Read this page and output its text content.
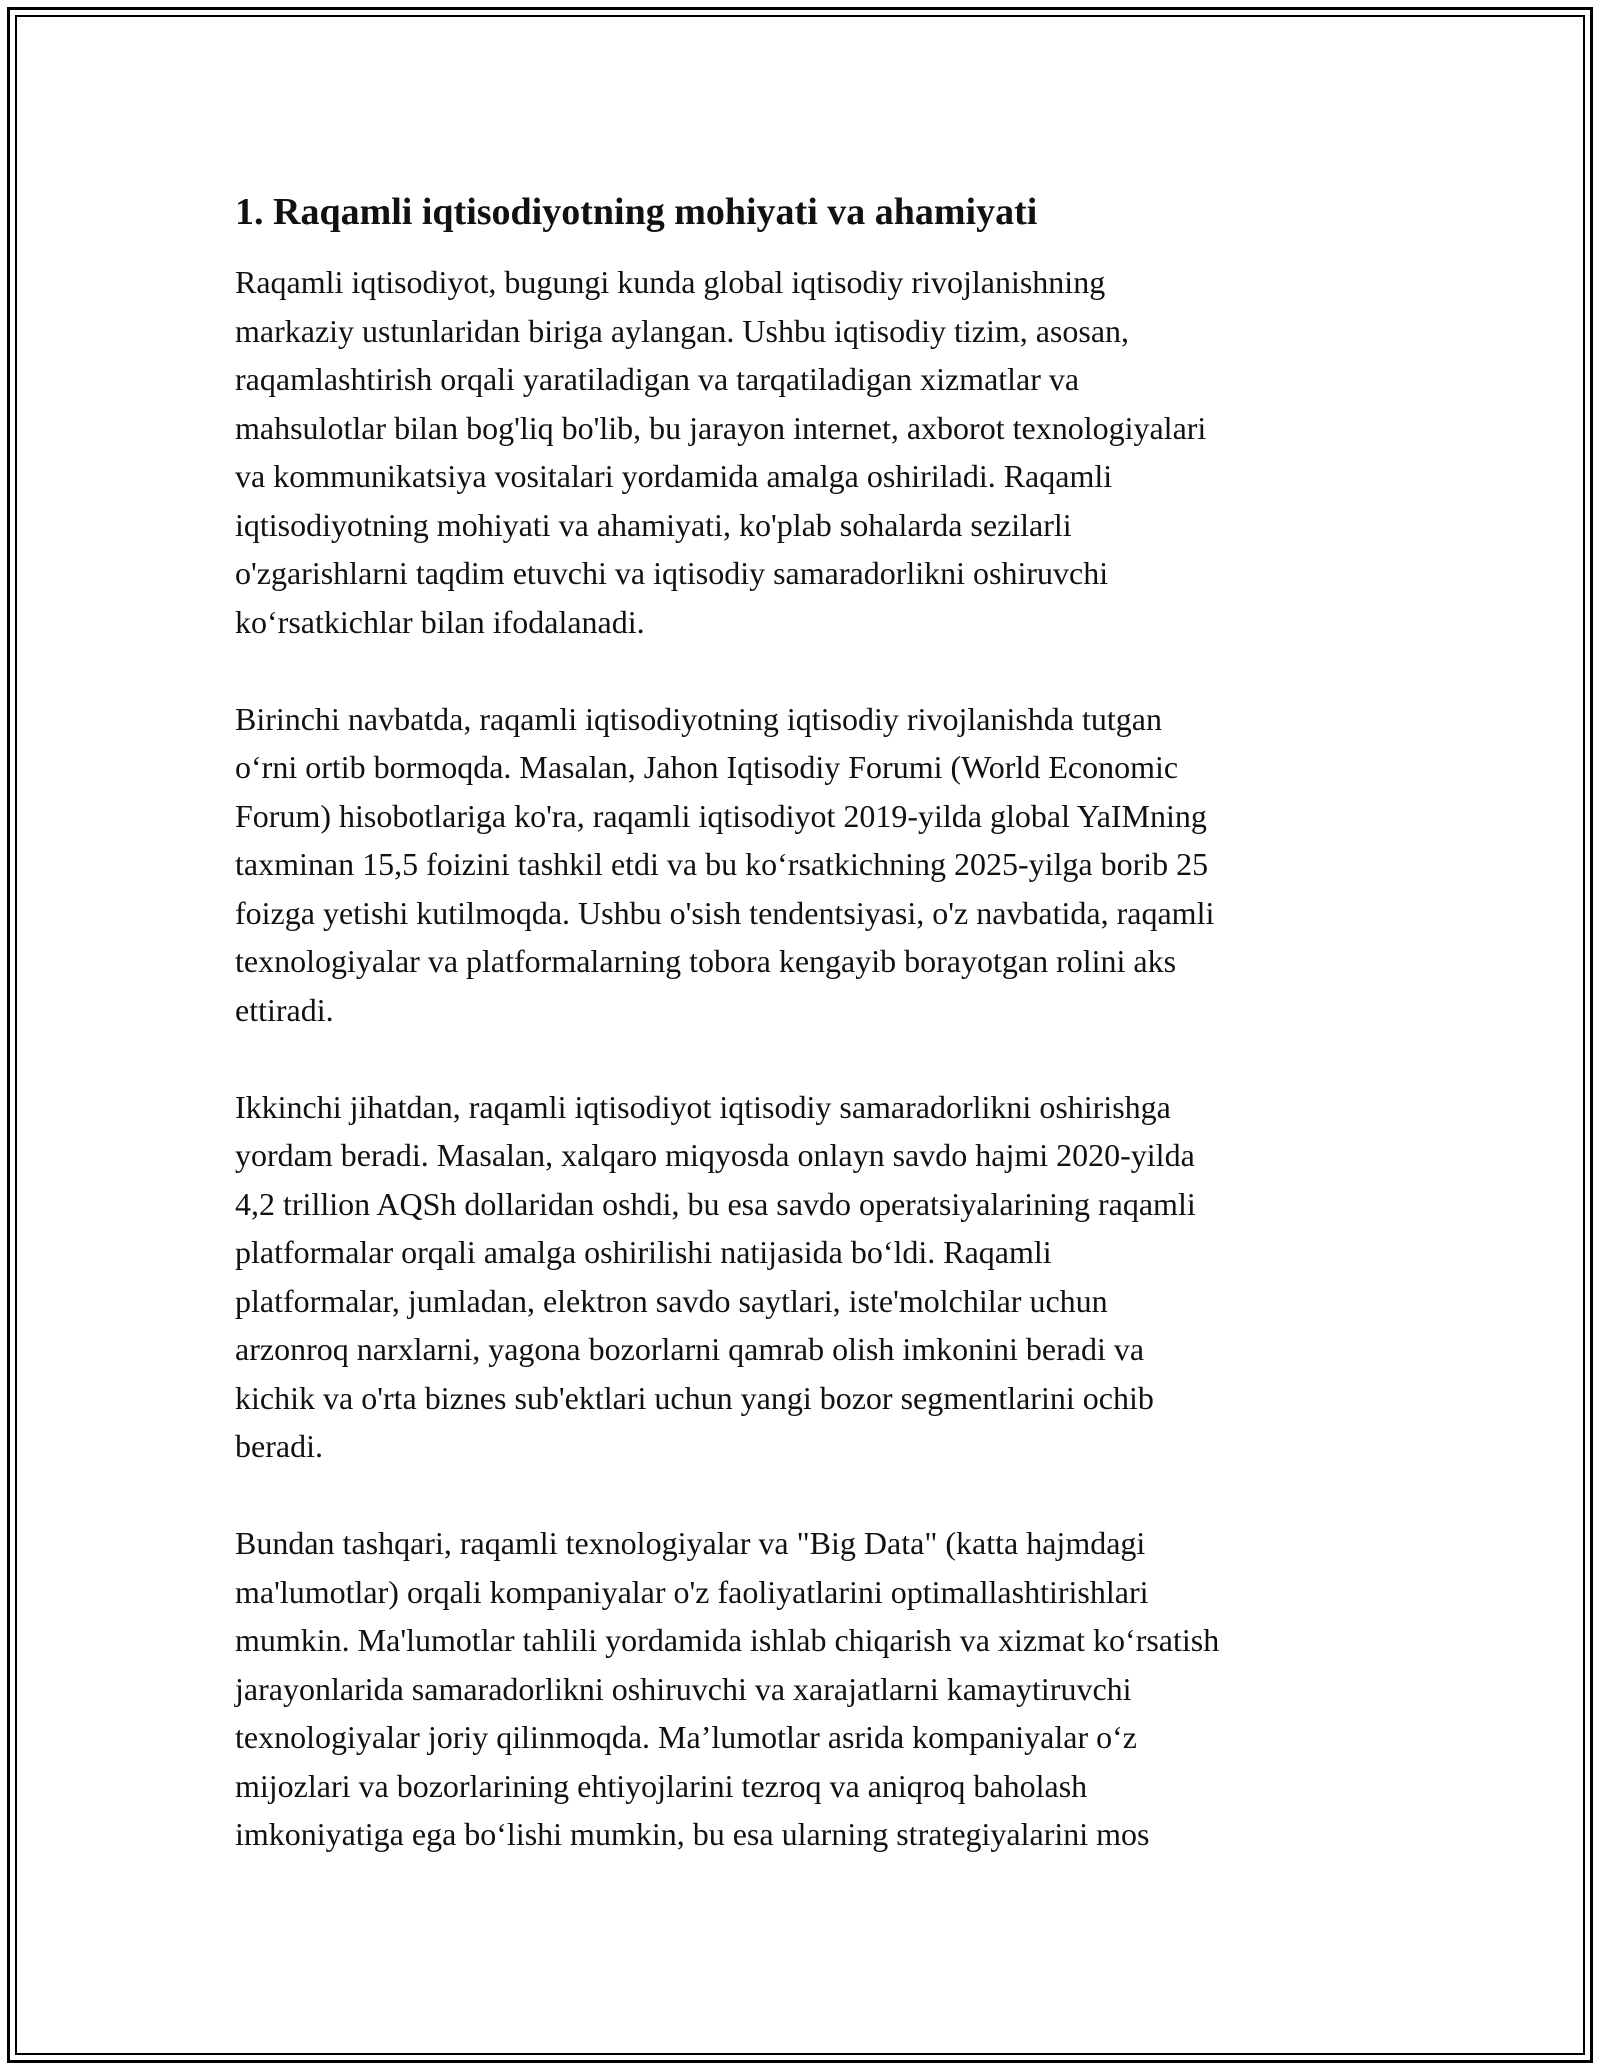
1. Raqamli iqtisodiyotning mohiyati va ahamiyati

Raqamli iqtisodiyot, bugungi kunda global iqtisodiy rivojlanishning
markaziy ustunlaridan biriga aylangan. Ushbu iqtisodiy tizim, asosan,
raqamlashtirish orqali yaratiladigan va tarqatiladigan xizmatlar va
mahsulotlar bilan bog'liq bo'lib, bu jarayon internet, axborot texnologiyalari
va kommunikatsiya vositalari yordamida amalga oshiriladi. Raqamli
iqtisodiyotning mohiyati va ahamiyati, ko'plab sohalarda sezilarli
o'zgarishlarni taqdim etuvchi va iqtisodiy samaradorlikni oshiruvchi
ko‘rsatkichlar bilan ifodalanadi.

Birinchi navbatda, raqamli iqtisodiyotning iqtisodiy rivojlanishda tutgan
o‘rni ortib bormoqda. Masalan, Jahon Iqtisodiy Forumi (World Economic
Forum) hisobotlariga ko'ra, raqamli iqtisodiyot 2019-yilda global YaIMning
taxminan 15,5 foizini tashkil etdi va bu ko‘rsatkichning 2025-yilga borib 25
foizga yetishi kutilmoqda. Ushbu o'sish tendentsiyasi, o'z navbatida, raqamli
texnologiyalar va platformalarning tobora kengayib borayotgan rolini aks
ettiradi.

Ikkinchi jihatdan, raqamli iqtisodiyot iqtisodiy samaradorlikni oshirishga
yordam beradi. Masalan, xalqaro miqyosda onlayn savdo hajmi 2020-yilda
4,2 trillion AQSh dollaridan oshdi, bu esa savdo operatsiyalarining raqamli
platformalar orqali amalga oshirilishi natijasida bo‘ldi. Raqamli
platformalar, jumladan, elektron savdo saytlari, iste'molchilar uchun
arzonroq narxlarni, yagona bozorlarni qamrab olish imkonini beradi va
kichik va o'rta biznes sub'ektlari uchun yangi bozor segmentlarini ochib
beradi.

Bundan tashqari, raqamli texnologiyalar va "Big Data" (katta hajmdagi
ma'lumotlar) orqali kompaniyalar o'z faoliyatlarini optimallashtirishlari
mumkin. Ma'lumotlar tahlili yordamida ishlab chiqarish va xizmat ko‘rsatish
jarayonlarida samaradorlikni oshiruvchi va xarajatlarni kamaytiruvchi
texnologiyalar joriy qilinmoqda. Ma’lumotlar asrida kompaniyalar o‘z
mijozlari va bozorlarining ehtiyojlarini tezroq va aniqroq baholash
imkoniyatiga ega bo‘lishi mumkin, bu esa ularning strategiyalarini mos
